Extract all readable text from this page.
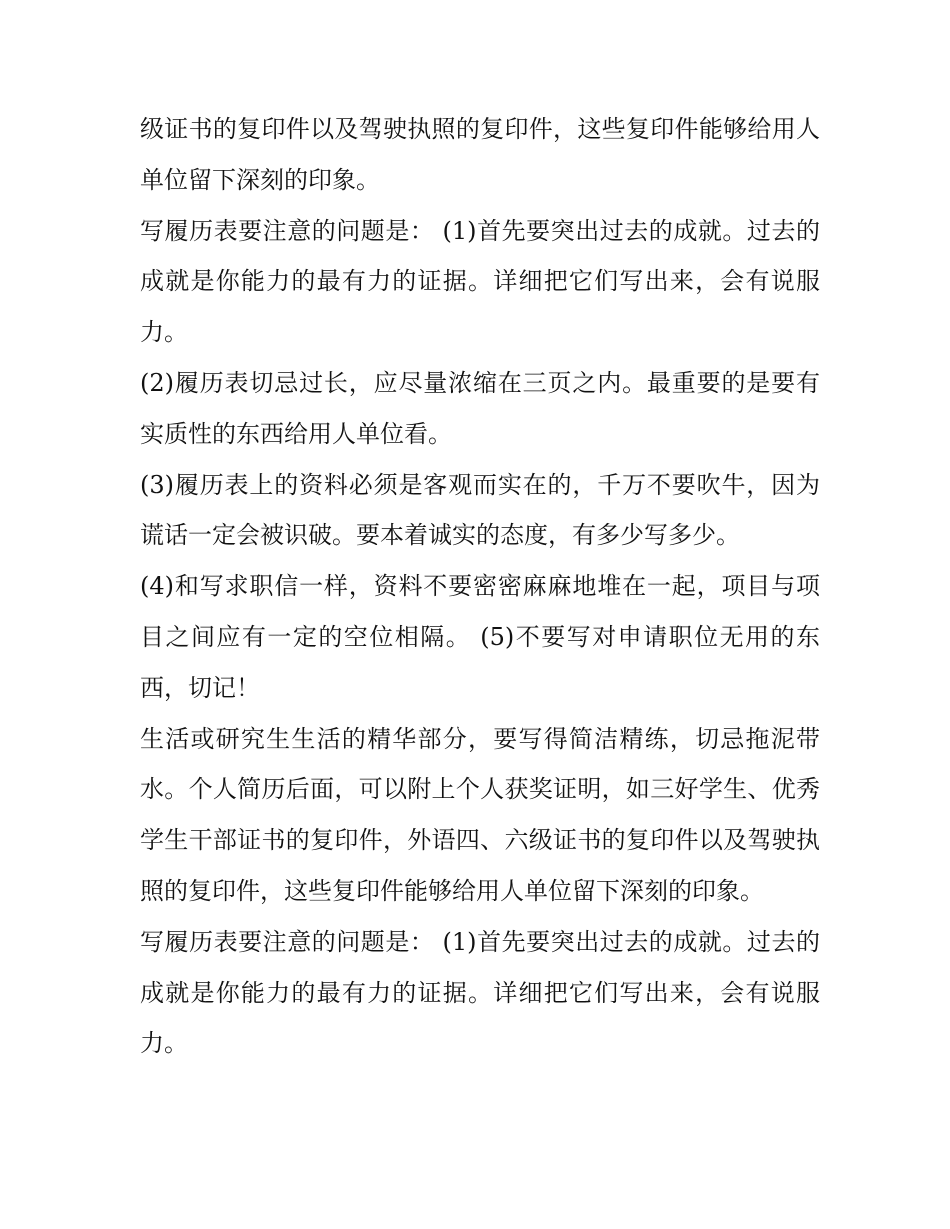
级证书的复印件以及驾驶执照的复印件，这些复印件能够给用人单位留下深刻的印象。

写履历表要注意的问题是： (1)首先要突出过去的成就。过去的成就是你能力的最有力的证据。详细把它们写出来，会有说服力。

(2)履历表切忌过长，应尽量浓缩在三页之内。最重要的是要有实质性的东西给用人单位看。

(3)履历表上的资料必须是客观而实在的，千万不要吹牛，因为谎话一定会被识破。要本着诚实的态度，有多少写多少。

(4)和写求职信一样，资料不要密密麻麻地堆在一起，项目与项目之间应有一定的空位相隔。 (5)不要写对申请职位无用的东西，切记！

生活或研究生生活的精华部分，要写得简洁精练，切忌拖泥带水。个人简历后面，可以附上个人获奖证明，如三好学生、优秀学生干部证书的复印件，外语四、六级证书的复印件以及驾驶执照的复印件，这些复印件能够给用人单位留下深刻的印象。

写履历表要注意的问题是： (1)首先要突出过去的成就。过去的成就是你能力的最有力的证据。详细把它们写出来，会有说服力。
